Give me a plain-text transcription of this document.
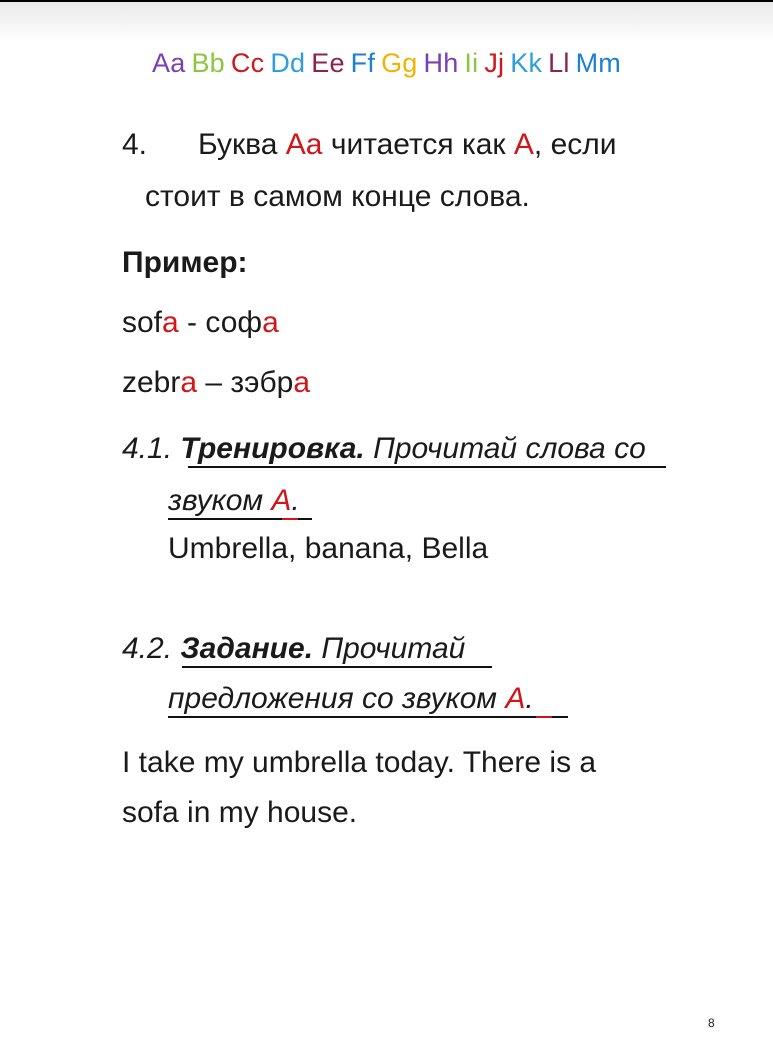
Aa Bb Cc Dd Ee Ff Gg Hh Ii Jj Kk Ll Mm
4. Буква Aa читается как A, если
стоит в самом конце слова.
Пример:
sofa - софа
zebra – зэбра
4.1. Тренировка. Прочитай слова со
звуком А.
Umbrella, banana, Bella
4.2. Задание. Прочитай
предложения со звуком А.
I take my umbrella today. There is a
sofa in my house.
8
